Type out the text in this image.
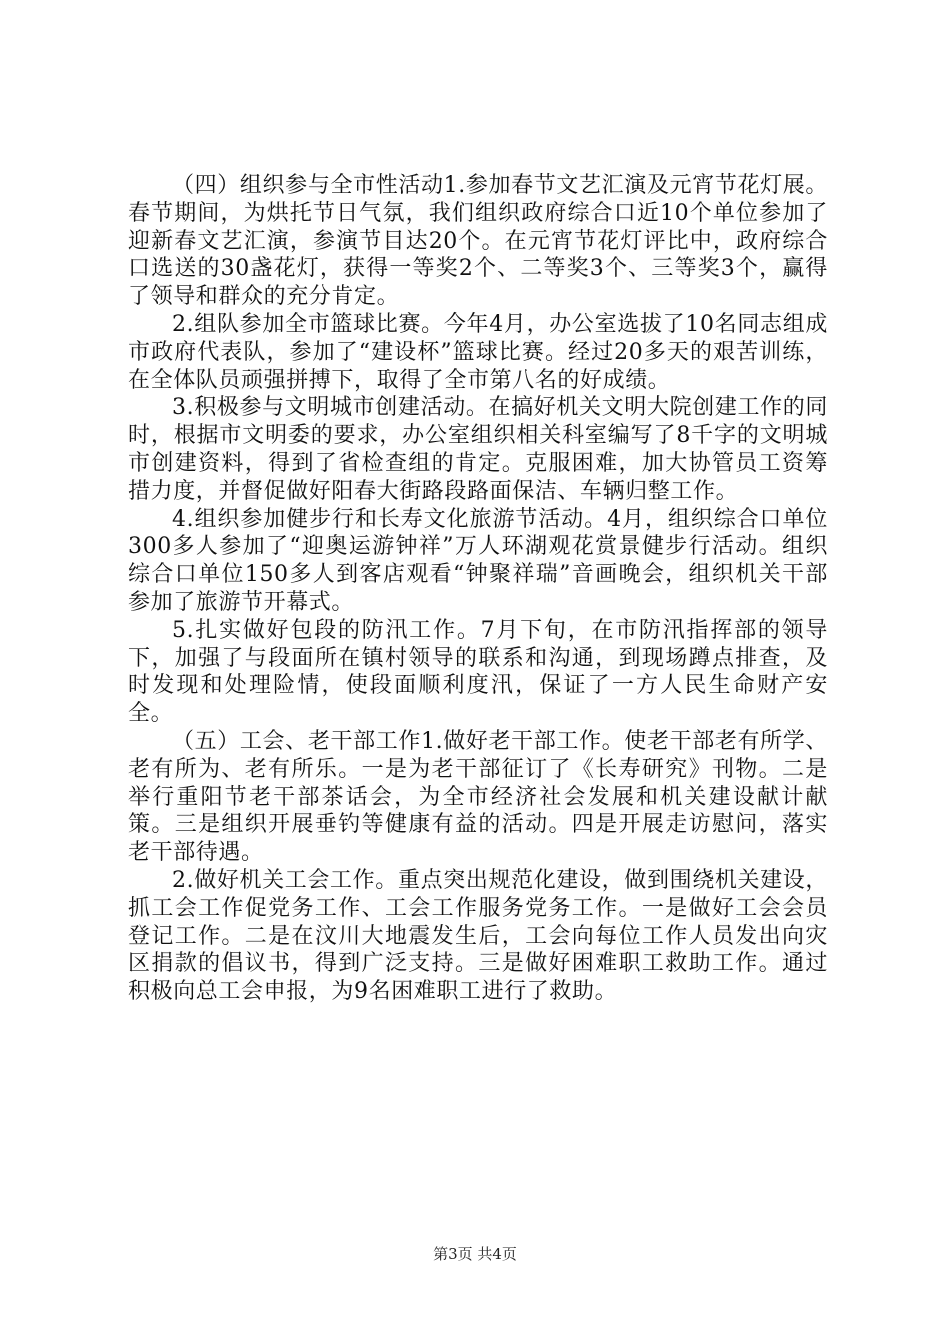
（四）组织参与全市性活动1.参加春节文艺汇演及元宵节花灯展。春节期间，为烘托节日气氛，我们组织政府综合口近10个单位参加了迎新春文艺汇演，参演节目达20个。在元宵节花灯评比中，政府综合口选送的30盏花灯，获得一等奖2个、二等奖3个、三等奖3个，赢得了领导和群众的充分肯定。

2.组队参加全市篮球比赛。今年4月，办公室选拔了10名同志组成市政府代表队，参加了“建设杯”篮球比赛。经过20多天的艰苦训练，在全体队员顽强拼搏下，取得了全市第八名的好成绩。

3.积极参与文明城市创建活动。在搞好机关文明大院创建工作的同时，根据市文明委的要求，办公室组织相关科室编写了8千字的文明城市创建资料，得到了省检查组的肯定。克服困难，加大协管员工资筹措力度，并督促做好阳春大街路段路面保洁、车辆归整工作。

4.组织参加健步行和长寿文化旅游节活动。4月，组织综合口单位300多人参加了“迎奥运游钟祥”万人环湖观花赏景健步行活动。组织综合口单位150多人到客店观看“钟聚祥瑞”音画晚会，组织机关干部参加了旅游节开幕式。

5.扎实做好包段的防汛工作。7月下旬，在市防汛指挥部的领导下，加强了与段面所在镇村领导的联系和沟通，到现场蹲点排查，及时发现和处理险情，使段面顺利度汛，保证了一方人民生命财产安全。

（五）工会、老干部工作1.做好老干部工作。使老干部老有所学、老有所为、老有所乐。一是为老干部征订了《长寿研究》刊物。二是举行重阳节老干部茶话会，为全市经济社会发展和机关建设献计献策。三是组织开展垂钓等健康有益的活动。四是开展走访慰问，落实老干部待遇。

2.做好机关工会工作。重点突出规范化建设，做到围绕机关建设，抓工会工作促党务工作、工会工作服务党务工作。一是做好工会会员登记工作。二是在汶川大地震发生后，工会向每位工作人员发出向灾区捐款的倡议书，得到广泛支持。三是做好困难职工救助工作。通过积极向总工会申报，为9名困难职工进行了救助。

第3页 共4页
